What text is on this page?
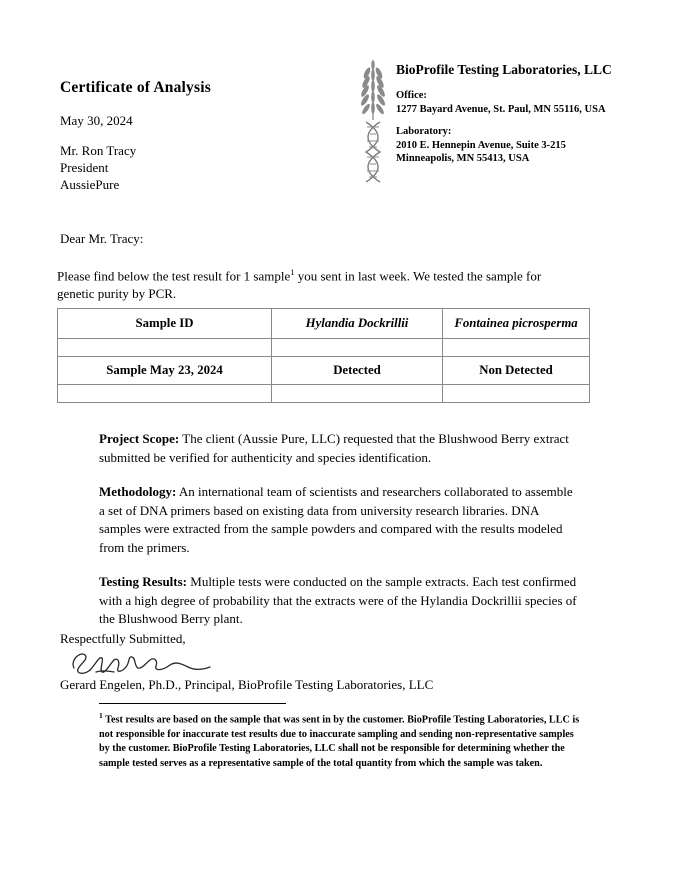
Certificate of Analysis
May 30, 2024
Mr. Ron Tracy
President
AussiePure
BioProfile Testing Laboratories, LLC
Office:
1277 Bayard Avenue, St. Paul, MN 55116, USA
Laboratory:
2010 E. Hennepin Avenue, Suite 3-215
Minneapolis, MN 55413, USA
Dear Mr. Tracy:
Please find below the test result for 1 sample$^1$ you sent in last week. We tested the sample for genetic purity by PCR.
Sample ID	Hylandia Dockrillii	Fontainea picrosperma

Sample May 23, 2024	Detected	Non Detected

Project Scope: The client (Aussie Pure, LLC) requested that the Blushwood Berry extract submitted be verified for authenticity and species identification.

Methodology: An international team of scientists and researchers collaborated to assemble a set of DNA primers based on existing data from university research libraries. DNA samples were extracted from the sample powders and compared with the results modeled from the primers.

Testing Results: Multiple tests were conducted on the sample extracts. Each test confirmed with a high degree of probability that the extracts were of the Hylandia Dockrillii species of the Blushwood Berry plant.

Respectfully Submitted,
Gerard Engelen, Ph.D., Principal, BioProfile Testing Laboratories, LLC
$^1$ Test results are based on the sample that was sent in by the customer. BioProfile Testing Laboratories, LLC is not responsible for inaccurate test results due to inaccurate sampling and sending non-representative samples by the customer. BioProfile Testing Laboratories, LLC shall not be responsible for determining whether the sample tested serves as a representative sample of the total quantity from which the sample was taken.
